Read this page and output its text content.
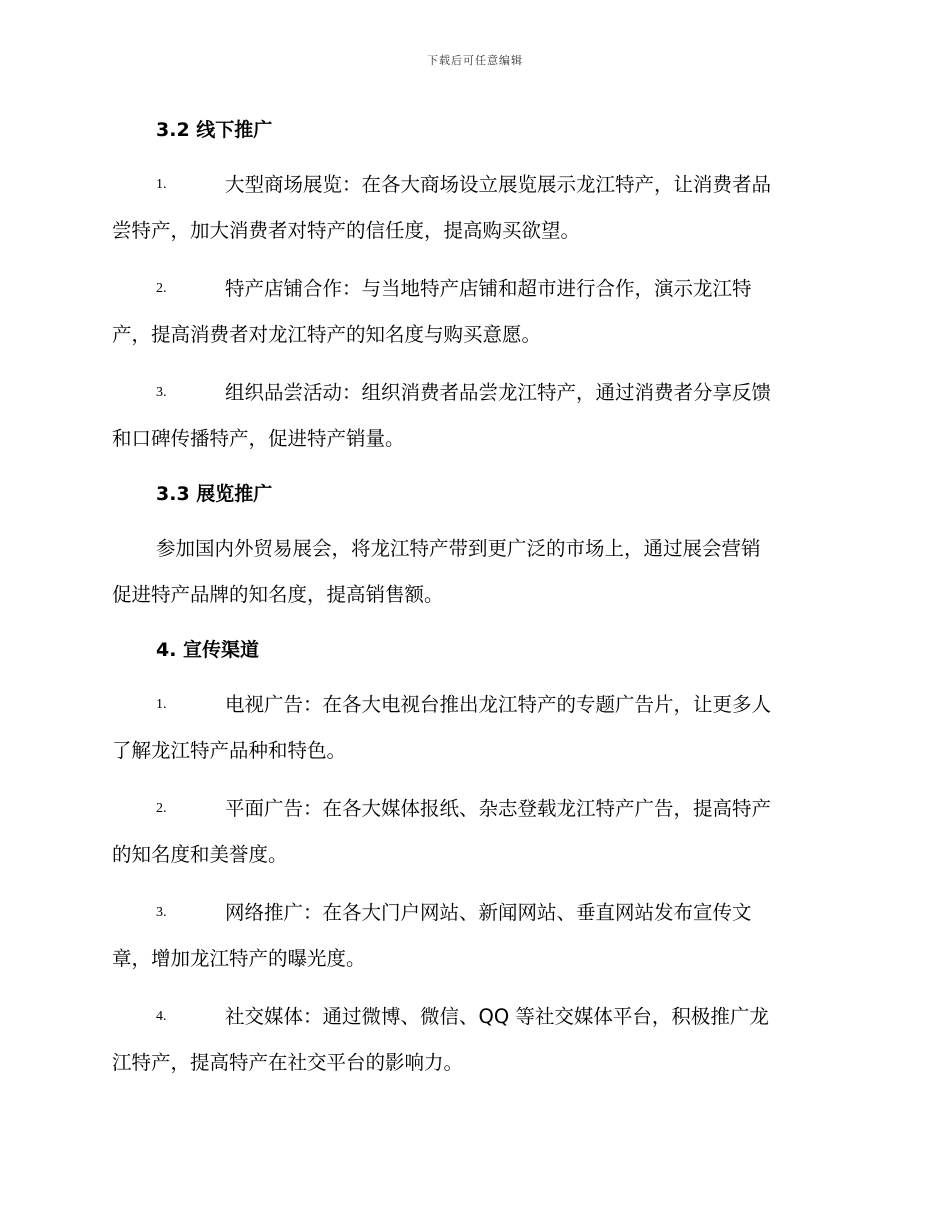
下载后可任意编辑
3.2 线下推广
1.	大型商场展览：在各大商场设立展览展示龙江特产，让消费者品
尝特产，加大消费者对特产的信任度，提高购买欲望。
2.	特产店铺合作：与当地特产店铺和超市进行合作，演示龙江特
产，提高消费者对龙江特产的知名度与购买意愿。
3.	组织品尝活动：组织消费者品尝龙江特产，通过消费者分享反馈
和口碑传播特产，促进特产销量。
3.3 展览推广
参加国内外贸易展会，将龙江特产带到更广泛的市场上，通过展会营销
促进特产品牌的知名度，提高销售额。
4. 宣传渠道
1.	电视广告：在各大电视台推出龙江特产的专题广告片，让更多人
了解龙江特产品种和特色。
2.	平面广告：在各大媒体报纸、杂志登载龙江特产广告，提高特产
的知名度和美誉度。
3.	网络推广：在各大门户网站、新闻网站、垂直网站发布宣传文
章，增加龙江特产的曝光度。
4.	社交媒体：通过微博、微信、QQ 等社交媒体平台，积极推广龙
江特产，提高特产在社交平台的影响力。
